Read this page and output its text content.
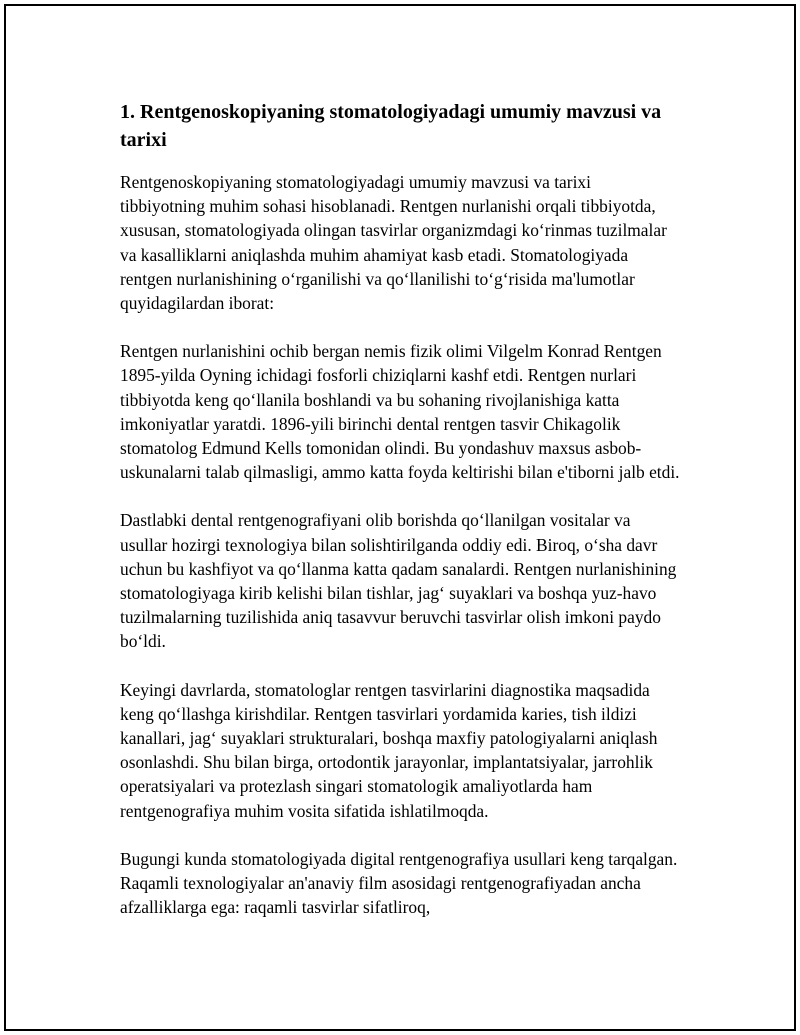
1. Rentgenoskopiyaning stomatologiyadagi umumiy mavzusi va tarixi

Rentgenoskopiyaning stomatologiyadagi umumiy mavzusi va tarixi tibbiyotning muhim sohasi hisoblanadi. Rentgen nurlanishi orqali tibbiyotda, xususan, stomatologiyada olingan tasvirlar organizmdagi ko‘rinmas tuzilmalar va kasalliklarni aniqlashda muhim ahamiyat kasb etadi. Stomatologiyada rentgen nurlanishining o‘rganilishi va qo‘llanilishi to‘g‘risida ma'lumotlar quyidagilardan iborat:

Rentgen nurlanishini ochib bergan nemis fizik olimi Vilgelm Konrad Rentgen 1895-yilda Oyning ichidagi fosforli chiziqlarni kashf etdi. Rentgen nurlari tibbiyotda keng qo‘llanila boshlandi va bu sohaning rivojlanishiga katta imkoniyatlar yaratdi. 1896-yili birinchi dental rentgen tasvir Chikagolik stomatolog Edmund Kells tomonidan olindi. Bu yondashuv maxsus asbob-uskunalarni talab qilmasligi, ammo katta foyda keltirishi bilan e'tiborni jalb etdi.

Dastlabki dental rentgenografiyani olib borishda qo‘llanilgan vositalar va usullar hozirgi texnologiya bilan solishtirilganda oddiy edi. Biroq, o‘sha davr uchun bu kashfiyot va qo‘llanma katta qadam sanalardi. Rentgen nurlanishining stomatologiyaga kirib kelishi bilan tishlar, jag‘ suyaklari va boshqa yuz-havo tuzilmalarning tuzilishida aniq tasavvur beruvchi tasvirlar olish imkoni paydo bo‘ldi.

Keyingi davrlarda, stomatologlar rentgen tasvirlarini diagnostika maqsadida keng qo‘llashga kirishdilar. Rentgen tasvirlari yordamida karies, tish ildizi kanallari, jag‘ suyaklari strukturalari, boshqa maxfiy patologiyalarni aniqlash osonlashdi. Shu bilan birga, ortodontik jarayonlar, implantatsiyalar, jarrohlik operatsiyalari va protezlash singari stomatologik amaliyotlarda ham rentgenografiya muhim vosita sifatida ishlatilmoqda.

Bugungi kunda stomatologiyada digital rentgenografiya usullari keng tarqalgan. Raqamli texnologiyalar an'anaviy film asosidagi rentgenografiyadan ancha afzalliklarga ega: raqamli tasvirlar sifatliroq,
